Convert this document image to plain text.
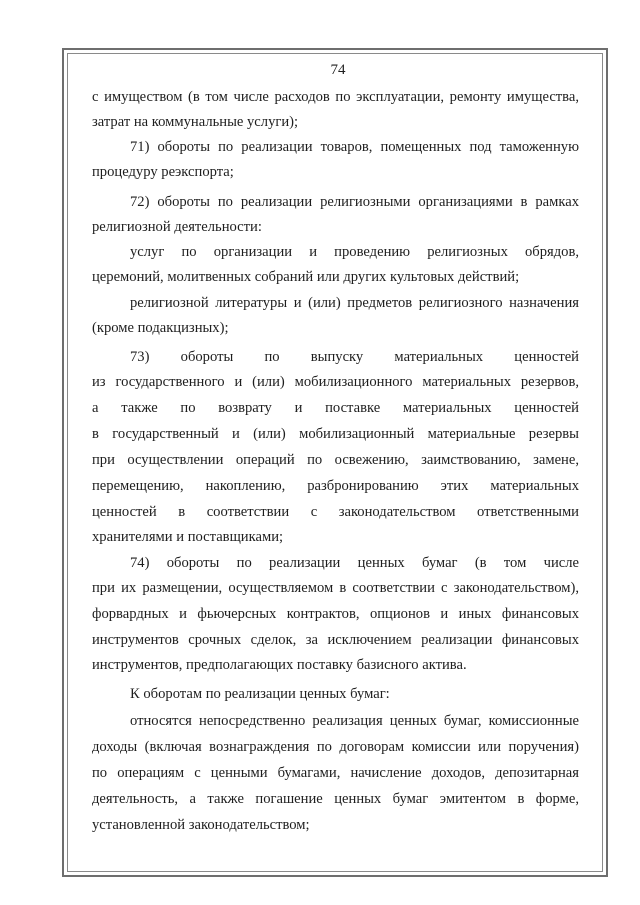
74
с имуществом (в том числе расходов по эксплуатации, ремонту имущества,
затрат на коммунальные услуги);
71) обороты по реализации товаров, помещенных под таможенную
процедуру реэкспорта;
72) обороты по реализации религиозными организациями в рамках
религиозной деятельности:
услуг по организации и проведению религиозных обрядов,
церемоний, молитвенных собраний или других культовых действий;
религиозной литературы и (или) предметов религиозного назначения
(кроме подакцизных);
73) обороты по выпуску материальных ценностей
из государственного и (или) мобилизационного материальных резервов,
а также по возврату и поставке материальных ценностей
в государственный и (или) мобилизационный материальные резервы
при осуществлении операций по освежению, заимствованию, замене,
перемещению, накоплению, разбронированию этих материальных
ценностей в соответствии с законодательством ответственными
хранителями и поставщиками;
74) обороты по реализации ценных бумаг (в том числе
при их размещении, осуществляемом в соответствии с законодательством),
форвардных и фьючерсных контрактов, опционов и иных финансовых
инструментов срочных сделок, за исключением реализации финансовых
инструментов, предполагающих поставку базисного актива.
К оборотам по реализации ценных бумаг:
относятся непосредственно реализация ценных бумаг, комиссионные
доходы (включая вознаграждения по договорам комиссии или поручения)
по операциям с ценными бумагами, начисление доходов, депозитарная
деятельность, а также погашение ценных бумаг эмитентом в форме,
установленной законодательством;
